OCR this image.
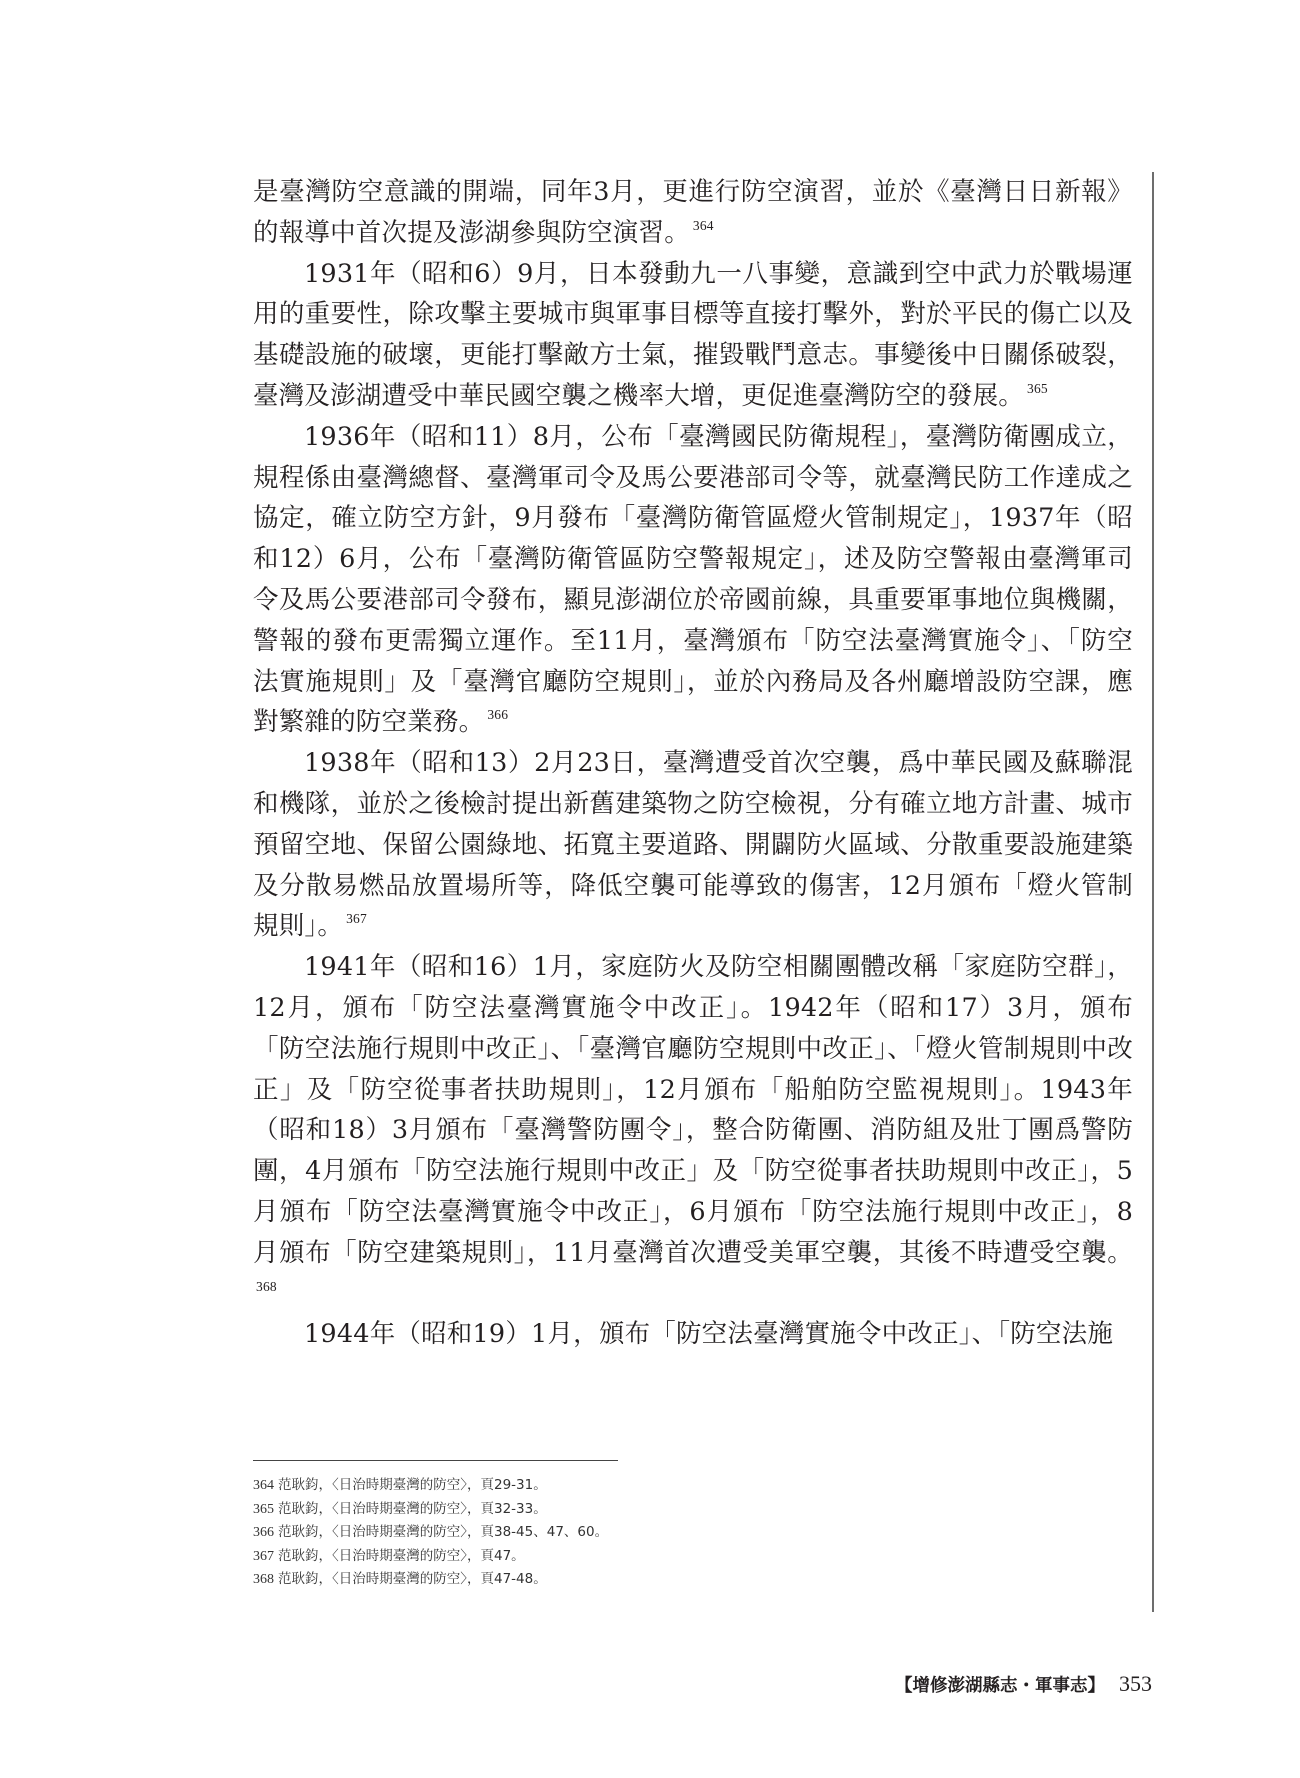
是臺灣防空意識的開端，同年3月，更進行防空演習，並於《臺灣日日新報》的報導中首次提及澎湖參與防空演習。 $^{364}$

1931年（昭和6）9月，日本發動九一八事變，意識到空中武力於戰場運用的重要性，除攻擊主要城市與軍事目標等直接打擊外，對於平民的傷亡以及基礎設施的破壞，更能打擊敵方士氣，摧毀戰鬥意志。事變後中日關係破裂，臺灣及澎湖遭受中華民國空襲之機率大增，更促進臺灣防空的發展。 $^{365}$

1936年（昭和11）8月，公布「臺灣國民防衛規程」，臺灣防衛團成立，規程係由臺灣總督、臺灣軍司令及馬公要港部司令等，就臺灣民防工作達成之協定，確立防空方針，9月發布「臺灣防衛管區燈火管制規定」，1937年（昭和12）6月，公布「臺灣防衛管區防空警報規定」，述及防空警報由臺灣軍司令及馬公要港部司令發布，顯見澎湖位於帝國前線，具重要軍事地位與機關，警報的發布更需獨立運作。至11月，臺灣頒布「防空法臺灣實施令」、「防空法實施規則」及「臺灣官廳防空規則」，並於內務局及各州廳增設防空課，應對繁雜的防空業務。 $^{366}$

1938年（昭和13）2月23日，臺灣遭受首次空襲，爲中華民國及蘇聯混和機隊，並於之後檢討提出新舊建築物之防空檢視，分有確立地方計畫、城市預留空地、保留公園綠地、拓寬主要道路、開闢防火區域、分散重要設施建築及分散易燃品放置場所等，降低空襲可能導致的傷害，12月頒布「燈火管制規則」。 $^{367}$

1941年（昭和16）1月，家庭防火及防空相關團體改稱「家庭防空群」，12月，頒布「防空法臺灣實施令中改正」。1942年（昭和17）3月，頒布「防空法施行規則中改正」、「臺灣官廳防空規則中改正」、「燈火管制規則中改正」及「防空從事者扶助規則」，12月頒布「船舶防空監視規則」。1943年（昭和18）3月頒布「臺灣警防團令」，整合防衛團、消防組及壯丁團爲警防團，4月頒布「防空法施行規則中改正」及「防空從事者扶助規則中改正」，5月頒布「防空法臺灣實施令中改正」，6月頒布「防空法施行規則中改正」，8月頒布「防空建築規則」，11月臺灣首次遭受美軍空襲，其後不時遭受空襲。$^{368}$

1944年（昭和19）1月，頒布「防空法臺灣實施令中改正」、「防空法施

364 范耿鈞，〈日治時期臺灣的防空〉，頁29-31。
365 范耿鈞，〈日治時期臺灣的防空〉，頁32-33。
366 范耿鈞，〈日治時期臺灣的防空〉，頁38-45、47、60。
367 范耿鈞，〈日治時期臺灣的防空〉，頁47。
368 范耿鈞，〈日治時期臺灣的防空〉，頁47-48。
【增修澎湖縣志・軍事志】 353
